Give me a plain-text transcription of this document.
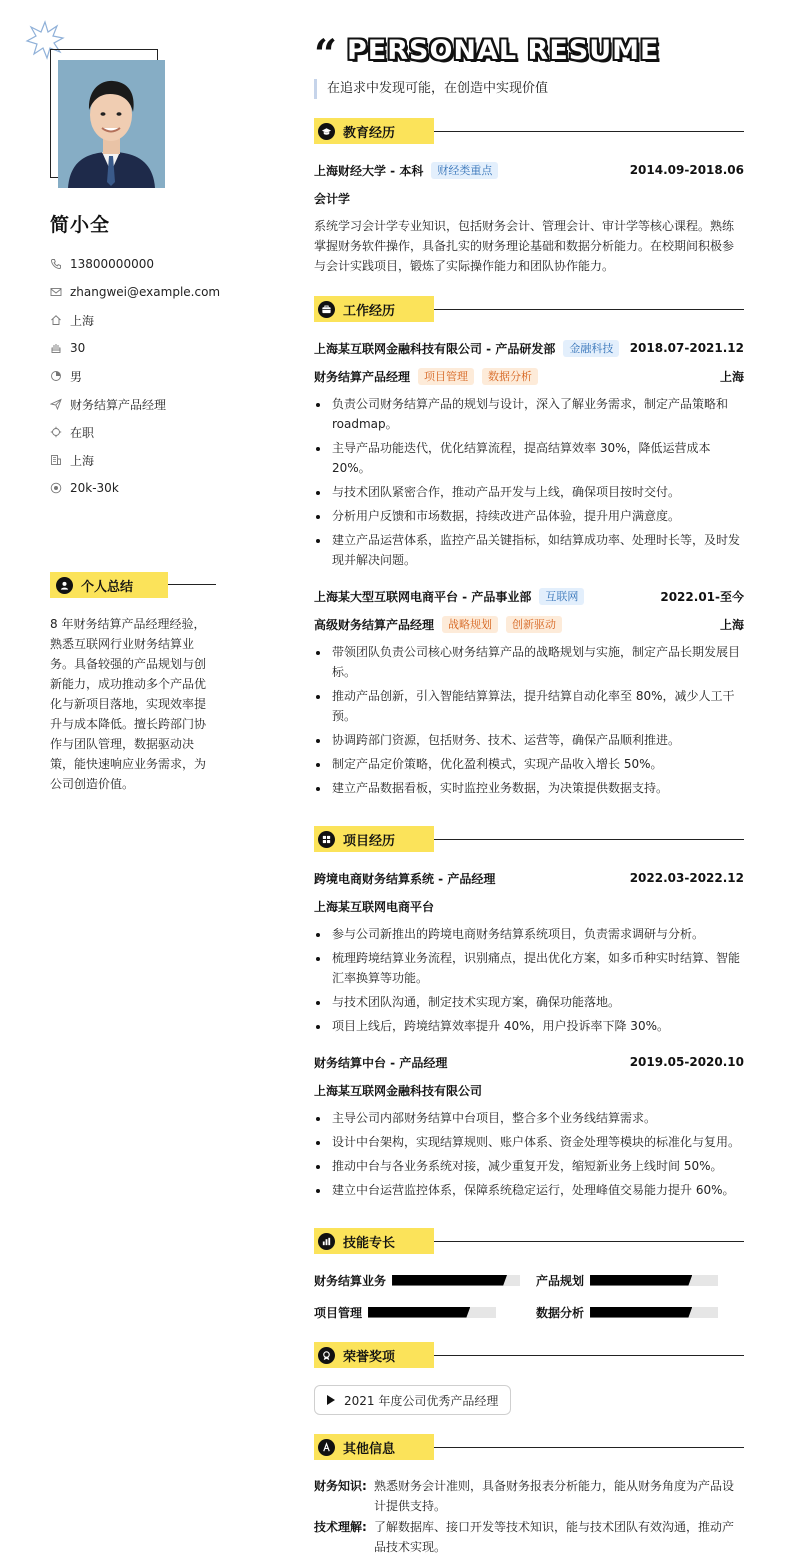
简小全
13800000000
zhangwei@example.com
上海
30
男
财务结算产品经理
在职
上海
20k-30k
个人总结
8 年财务结算产品经理经验，熟悉互联网行业财务结算业务。具备较强的产品规划与创新能力，成功推动多个产品优化与新项目落地，实现效率提升与成本降低。擅长跨部门协作与团队管理，数据驱动决策，能快速响应业务需求，为公司创造价值。
“ PERSONAL RESUME
在追求中发现可能，在创造中实现价值
教育经历
上海财经大学 - 本科	财经类重点	2014.09-2018.06
会计学
系统学习会计学专业知识，包括财务会计、管理会计、审计学等核心课程。熟练掌握财务软件操作，具备扎实的财务理论基础和数据分析能力。在校期间积极参与会计实践项目，锻炼了实际操作能力和团队协作能力。
工作经历
上海某互联网金融科技有限公司 - 产品研发部	金融科技	2018.07-2021.12
财务结算产品经理	项目管理	数据分析	上海
负责公司财务结算产品的规划与设计，深入了解业务需求，制定产品策略和roadmap。
主导产品功能迭代，优化结算流程，提高结算效率 30%，降低运营成本20%。
与技术团队紧密合作，推动产品开发与上线，确保项目按时交付。
分析用户反馈和市场数据，持续改进产品体验，提升用户满意度。
建立产品运营体系，监控产品关键指标，如结算成功率、处理时长等，及时发现并解决问题。
上海某大型互联网电商平台 - 产品事业部	互联网	2022.01-至今
高级财务结算产品经理	战略规划	创新驱动	上海
带领团队负责公司核心财务结算产品的战略规划与实施，制定产品长期发展目标。
推动产品创新，引入智能结算算法，提升结算自动化率至 80%，减少人工干预。
协调跨部门资源，包括财务、技术、运营等，确保产品顺利推进。
制定产品定价策略，优化盈利模式，实现产品收入增长 50%。
建立产品数据看板，实时监控业务数据，为决策提供数据支持。
项目经历
跨境电商财务结算系统 - 产品经理	2022.03-2022.12
上海某互联网电商平台
参与公司新推出的跨境电商财务结算系统项目，负责需求调研与分析。
梳理跨境结算业务流程，识别痛点，提出优化方案，如多币种实时结算、智能汇率换算等功能。
与技术团队沟通，制定技术实现方案，确保功能落地。
项目上线后，跨境结算效率提升 40%，用户投诉率下降 30%。
财务结算中台 - 产品经理	2019.05-2020.10
上海某互联网金融科技有限公司
主导公司内部财务结算中台项目，整合多个业务线结算需求。
设计中台架构，实现结算规则、账户体系、资金处理等模块的标准化与复用。
推动中台与各业务系统对接，减少重复开发，缩短新业务上线时间 50%。
建立中台运营监控体系，保障系统稳定运行，处理峰值交易能力提升 60%。
技能专长
财务结算业务	产品规划
项目管理	数据分析
荣誉奖项
2021 年度公司优秀产品经理
其他信息
财务知识: 熟悉财务会计准则，具备财务报表分析能力，能从财务角度为产品设计提供支持。
技术理解: 了解数据库、接口开发等技术知识，能与技术团队有效沟通，推动产品技术实现。
